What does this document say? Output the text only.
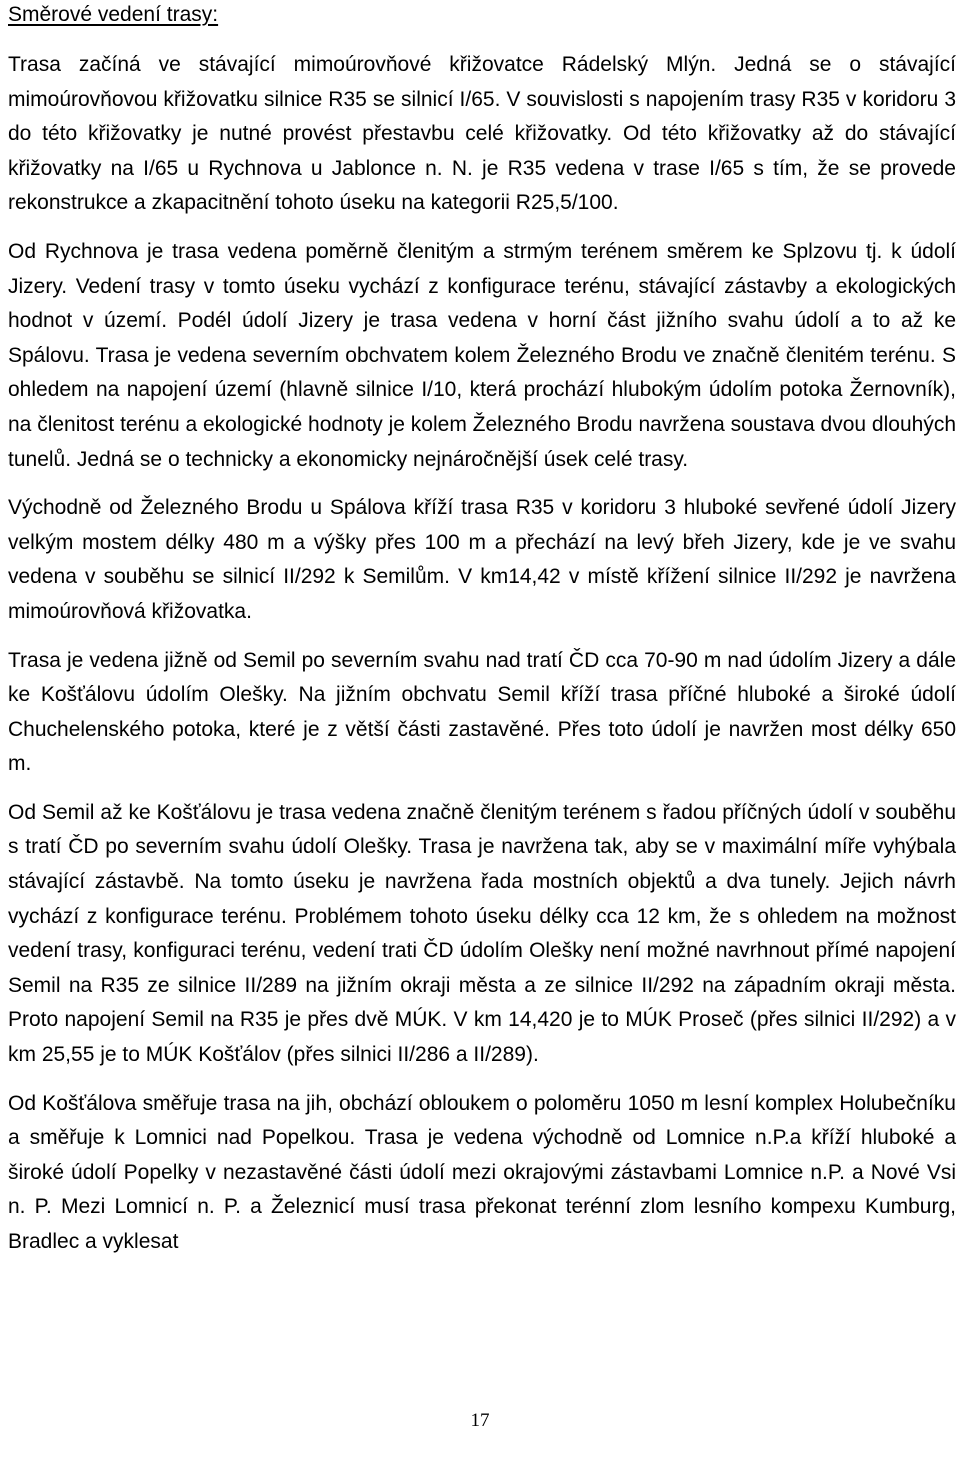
Směrové vedení trasy:

Trasa začíná ve stávající mimoúrovňové křižovatce Rádelský Mlýn. Jedná se o stávající mimoúrovňovou křižovatku silnice R35 se silnicí I/65. V souvislosti s napojením trasy R35 v koridoru 3 do této křižovatky je nutné provést přestavbu celé křižovatky. Od této křižovatky až do stávající křižovatky na I/65 u Rychnova u Jablonce n. N. je R35 vedena v trase I/65 s tím, že se provede rekonstrukce a zkapacitnění tohoto úseku na kategorii R25,5/100.

Od Rychnova je trasa vedena poměrně členitým a strmým terénem směrem ke Splzovu tj. k údolí Jizery. Vedení trasy v tomto úseku vychází z konfigurace terénu, stávající zástavby a ekologických hodnot v území. Podél údolí Jizery je trasa vedena v horní část jižního svahu údolí a to až ke Spálovu. Trasa je vedena severním obchvatem kolem Železného Brodu ve značně členitém terénu. S ohledem na napojení území (hlavně silnice I/10, která prochází hlubokým údolím potoka Žernovník), na členitost terénu a ekologické hodnoty je kolem Železného Brodu navržena soustava dvou dlouhých tunelů. Jedná se o technicky a ekonomicky nejnáročnější úsek celé trasy.

Východně od Železného Brodu u Spálova kříží trasa R35 v koridoru 3 hluboké sevřené údolí Jizery velkým mostem délky 480 m a výšky přes 100 m a přechází na levý břeh Jizery, kde je ve svahu vedena v souběhu se silnicí II/292 k Semilům. V km14,42 v místě křížení silnice II/292 je navržena mimoúrovňová křižovatka.

Trasa je vedena jižně od Semil po severním svahu nad tratí ČD cca 70-90 m nad údolím Jizery a dále ke Košťálovu údolím Olešky. Na jižním obchvatu Semil kříží trasa příčné hluboké a široké údolí Chuchelenského potoka, které je z větší části zastavěné. Přes toto údolí je navržen most délky 650 m.

Od Semil až ke Košťálovu je trasa vedena značně členitým terénem s řadou příčných údolí v souběhu s tratí ČD po severním svahu údolí Olešky. Trasa je navržena tak, aby se v maximální míře vyhýbala stávající zástavbě. Na tomto úseku je navržena řada mostních objektů a dva tunely. Jejich návrh vychází z konfigurace terénu. Problémem tohoto úseku délky cca 12 km, že s ohledem na možnost vedení trasy, konfiguraci terénu, vedení trati ČD údolím Olešky není možné navrhnout přímé napojení Semil na R35 ze silnice II/289 na jižním okraji města a ze silnice II/292 na západním okraji města. Proto napojení Semil na R35 je přes dvě MÚK. V km 14,420 je to MÚK Proseč (přes silnici II/292) a v km 25,55 je to MÚK Košťálov (přes silnici II/286 a II/289).

Od Košťálova směřuje trasa na jih, obchází obloukem o poloměru 1050 m lesní komplex Holubečníku a směřuje k Lomnici nad Popelkou. Trasa je vedena východně od Lomnice n.P.a kříží hluboké a široké údolí Popelky v nezastavěné části údolí mezi okrajovými zástavbami Lomnice n.P. a Nové Vsi n. P. Mezi Lomnicí n. P. a Železnicí musí trasa překonat terénní zlom lesního kompexu Kumburg, Bradlec a vyklesat

17
